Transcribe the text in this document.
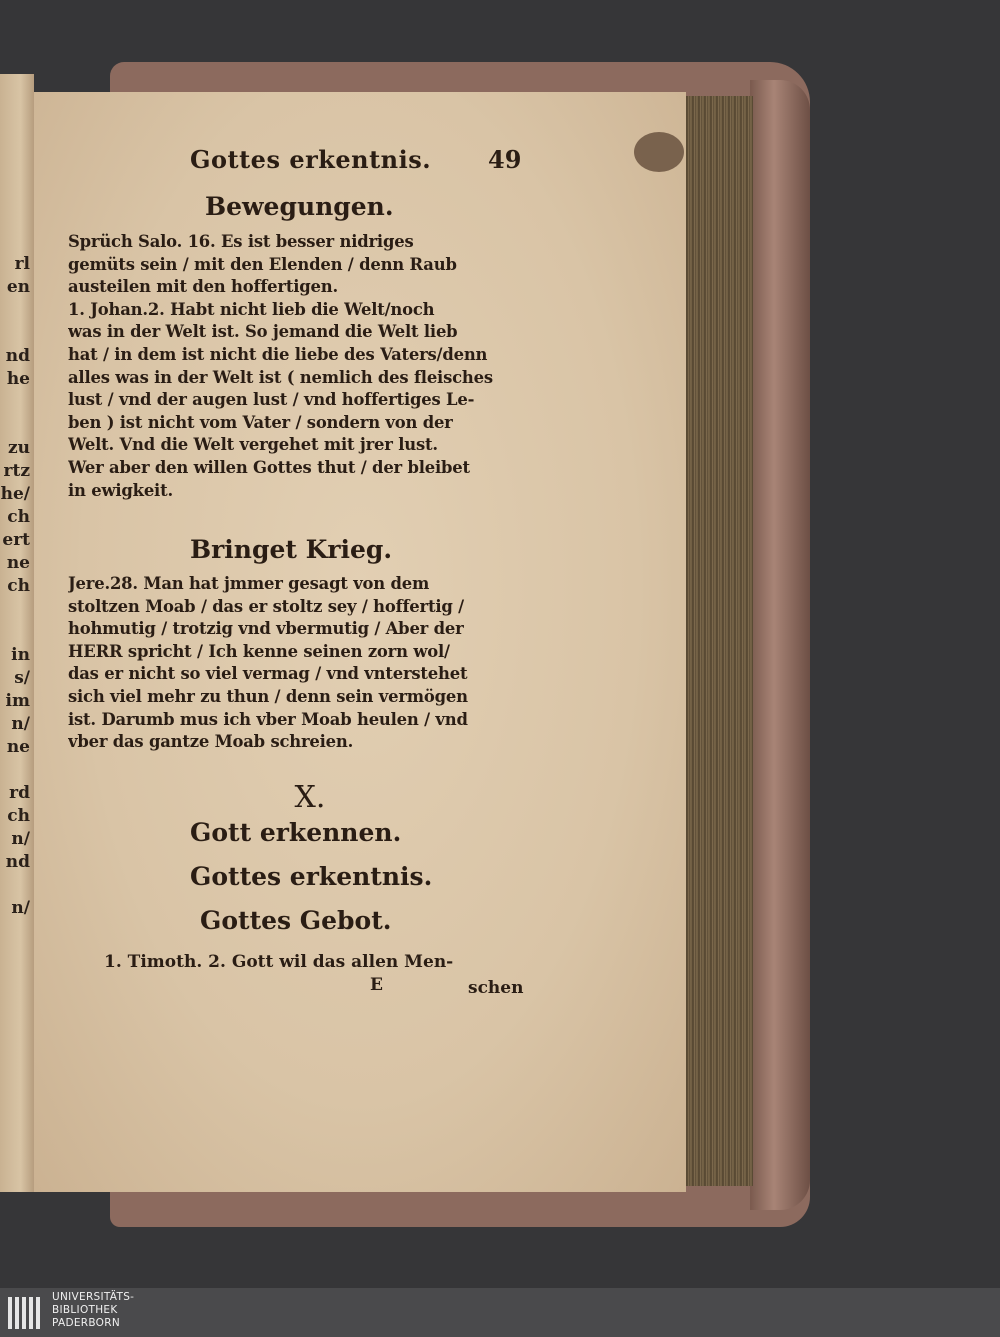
rl
en
nd
he
zu
rtz
he/
ch
ert
ne
ch
in
s/
im
n/
ne
rd
ch
n/
nd
n/
Gottes erkentnis. 49
Bewegungen.
Sprüch Salo. 16. Es ist besser nidriges
gemüts sein / mit den Elenden / denn Raub
austeilen mit den hoffertigen.
1. Johan.2. Habt nicht lieb die Welt/noch
was in der Welt ist. So jemand die Welt lieb
hat / in dem ist nicht die liebe des Vaters/denn
alles was in der Welt ist ( nemlich des fleisches
lust / vnd der augen lust / vnd hoffertiges Le-
ben ) ist nicht vom Vater / sondern von der
Welt. Vnd die Welt vergehet mit jrer lust.
Wer aber den willen Gottes thut / der bleibet
in ewigkeit.
Bringet Krieg.
Jere.28. Man hat jmmer gesagt von dem
stoltzen Moab / das er stoltz sey / hoffertig /
hohmutig / trotzig vnd vbermutig / Aber der
HERR spricht / Ich kenne seinen zorn wol/
das er nicht so viel vermag / vnd vnterstehet
sich viel mehr zu thun / denn sein vermögen
ist. Darumb mus ich vber Moab heulen / vnd
vber das gantze Moab schreien.
X.
Gott erkennen.
Gottes erkentnis.
Gottes Gebot.
1. Timoth. 2. Gott wil das allen Men-
E	schen
UNIVERSITÄTS-
BIBLIOTHEK
PADERBORN
